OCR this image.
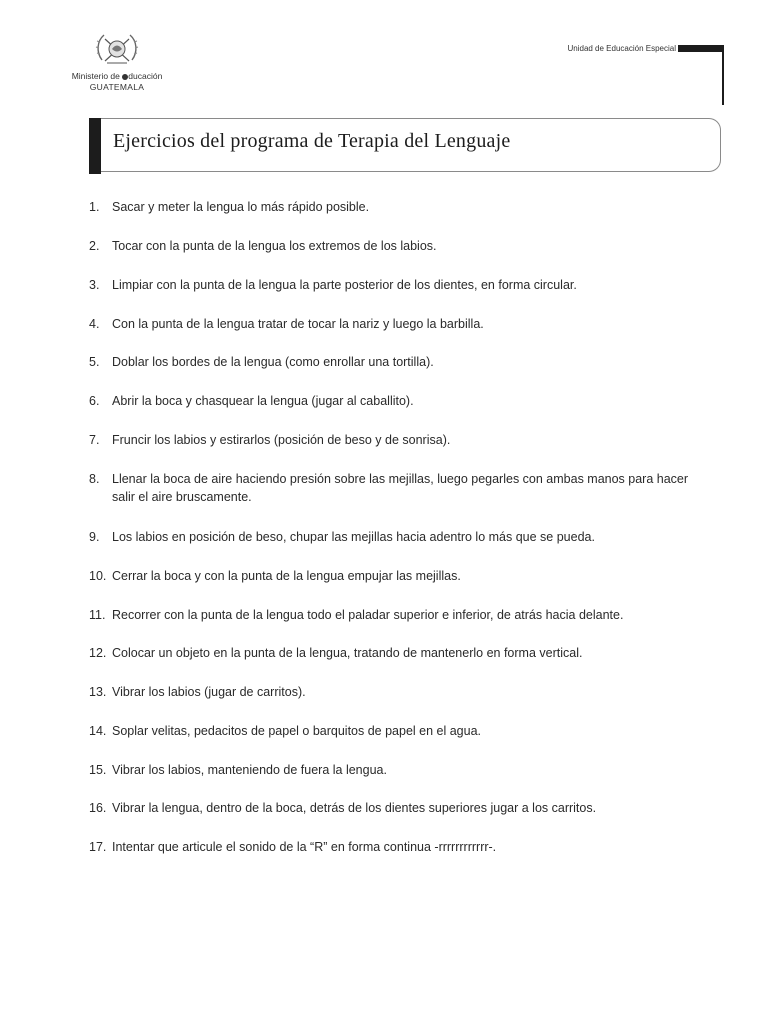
Ministerio de ducación
GUATEMALA
Unidad de Educación Especial
Ejercicios del programa de Terapia del Lenguaje
1.	Sacar y meter la lengua lo más rápido posible.
2.	Tocar con la punta de la lengua los extremos de los labios.
3.	Limpiar con la punta de la lengua la parte posterior de los dientes, en forma circular.
4.	Con la punta de la lengua tratar de tocar la nariz y luego la barbilla.
5.	Doblar los bordes de la lengua (como enrollar una tortilla).
6.	Abrir la boca y chasquear la lengua (jugar al caballito).
7.	Fruncir los labios y estirarlos (posición de beso y de sonrisa).
8.	Llenar la boca de aire haciendo presión sobre las mejillas, luego pegarles con ambas manos para hacer salir el aire bruscamente.
9.	Los labios en posición de beso, chupar las mejillas hacia adentro lo más que se pueda.
10. Cerrar la boca y con la punta de la lengua empujar las mejillas.
11. Recorrer con la punta de la lengua todo el paladar superior e inferior, de atrás hacia delante.
12. Colocar un objeto en la punta de la lengua, tratando de mantenerlo en forma vertical.
13. Vibrar los labios (jugar de carritos).
14. Soplar velitas, pedacitos de papel o barquitos de papel en el agua.
15. Vibrar los labios, manteniendo de fuera la lengua.
16. Vibrar la lengua, dentro de la boca, detrás de los dientes superiores jugar a los carritos.
17. Intentar que articule el sonido de la “R” en forma continua -rrrrrrrrrrrr-.
